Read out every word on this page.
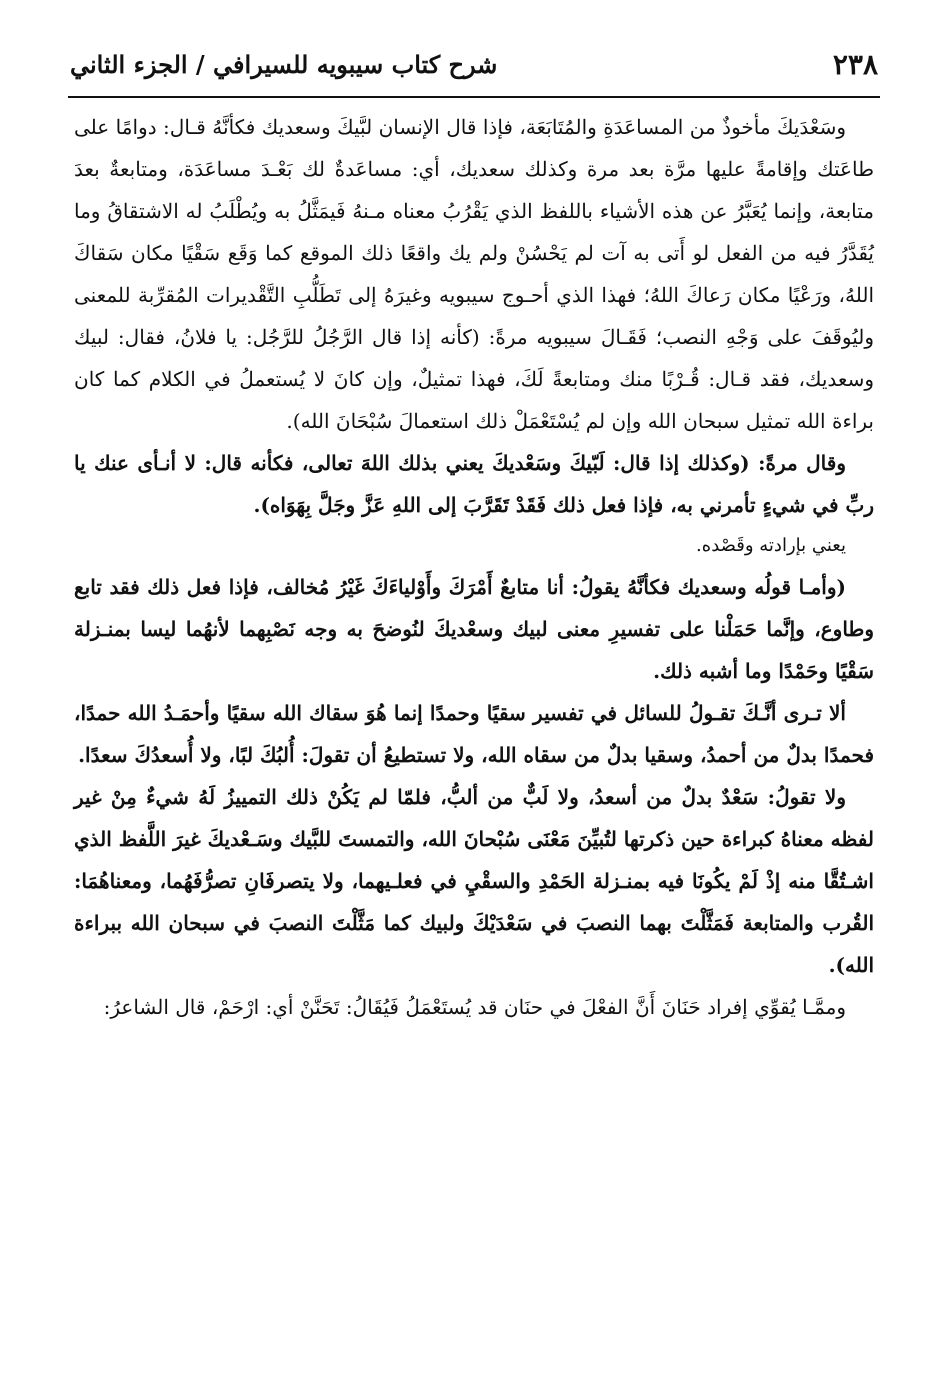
٢٣٨
شرح كتاب سيبويه للسيرافي / الجزء الثاني

وسَعْدَيكَ مأخوذٌ من المساعَدَةِ والمُتَابَعَة، فإذا قال الإنسان لبَّيكَ وسعديك فكأنَّهُ قـال: دوامًا على طاعَتك وإقامةً عليها مرَّة بعد مرة وكذلك سعديك، أي: مساعَدةٌ لك بَعْـدَ مساعَدَة، ومتابعةٌ بعدَ متابعة، وإنما يُعَبَّرُ عن هذه الأشياء باللفظ الذي يَقْرُبُ معناه مـنهُ فَيمَثَّلُ به ويُطْلَبُ له الاشتقاقُ وما يُقَدَّرُ فيه من الفعل لو أَتى به آت لم يَحْسُنْ ولم يك واقعًا ذلك الموقع كما وَقَع سَقْيًا مكان سَقاكَ اللهُ، ورَعْيًا مكان رَعاكَ اللهُ؛ فهذا الذي أحـوج سيبويه وغيرَهُ إلى تَطَلُّبِ التَّقْديرات المُقرِّبة للمعنى وليُوقَفَ على وَجْهِ النصب؛ فَقَـالَ سيبويه مرةً: (كأنه إذا قال الرَّجُلُ للرَّجُل: يا فلانُ، فقال: لبيك وسعديك، فقد قـال: قُـرْبًا منك ومتابعةً لَكَ، فهذا تمثيلٌ، وإن كانَ لا يُستعملُ في الكلام كما كان براءة الله تمثيل سبحان الله وإن لم يُسْتَعْمَلْ ذلك استعمالَ سُبْحَانَ الله).

وقال مرةً: (وكذلك إذا قال: لَبّيكَ وسَعْديكَ يعني بذلك اللهَ تعالى، فكأنه قال: لا أنـأى عنك يا ربِّ في شيءٍ تأمرني به، فإذا فعل ذلك فَقَدْ تَقَرَّبَ إلى اللهِ عَزَّ وجَلَّ بِهَوَاه).

يعني بإرادته وقَصْده.

(وأمـا قولُه وسعديك فكأنَّهُ يقولُ: أنا متابعٌ أَمْرَكَ وأَوْلياءَكَ غَيْرُ مُخالف، فإذا فعل ذلك فقد تابع وطاوع، وإنَّما حَمَلْنا على تفسيرِ معنى لبيك وسعْديكَ لنُوضحَ به وجه نَصْبِهما لأنهُما ليسا بمنـزلة سَقْيًا وحَمْدًا وما أشبه ذلك.

ألا تـرى أنَّـكَ تقـولُ للسائل في تفسير سقيًا وحمدًا إنما هُوَ سقاك الله سقيًا وأحمَـدُ الله حمدًا، فحمدًا بدلٌ من أحمدُ، وسقيا بدلٌ من سقاه الله، ولا تستطيعُ أن تقولَ: أُلبُكَ لبًا، ولا أُسعدُكَ سعدًا.

ولا تقولُ: سَعْدٌ بدلٌ من أسعدُ، ولا لَبٌّ من ألبُّ، فلمّا لم يَكُنْ ذلك التمييزُ لَهُ شيءٌ مِنْ غير لفظه معناهُ كبراءة حين ذكرتها لتُبيِّنَ مَعْنَى سُبْحانَ الله، والتمستَ للبَّيك وسَـعْديكَ غيرَ اللَّفظ الذي اشـتُقَّا منه إذْ لَمْ يكُونَا فيه بمنـزلة الحَمْدِ والسقْيِ في فعلـيهما، ولا يتصرفَانِ تصرُّفَهُما، ومعناهُمَا: القُرب والمتابعة فَمَثَّلْتَ بهما النصبَ في سَعْدَيْكَ ولبيك كما مَثَّلْتَ النصبَ في سبحان الله ببراءة الله).

وممَّـا يُقوِّي إفراد حَنَانَ أَنَّ الفعْلَ في حنَان قد يُستَعْمَلُ فَيُقَالُ: تَحَنَّنْ أي: ارْحَمْ، قال الشاعرُ:
